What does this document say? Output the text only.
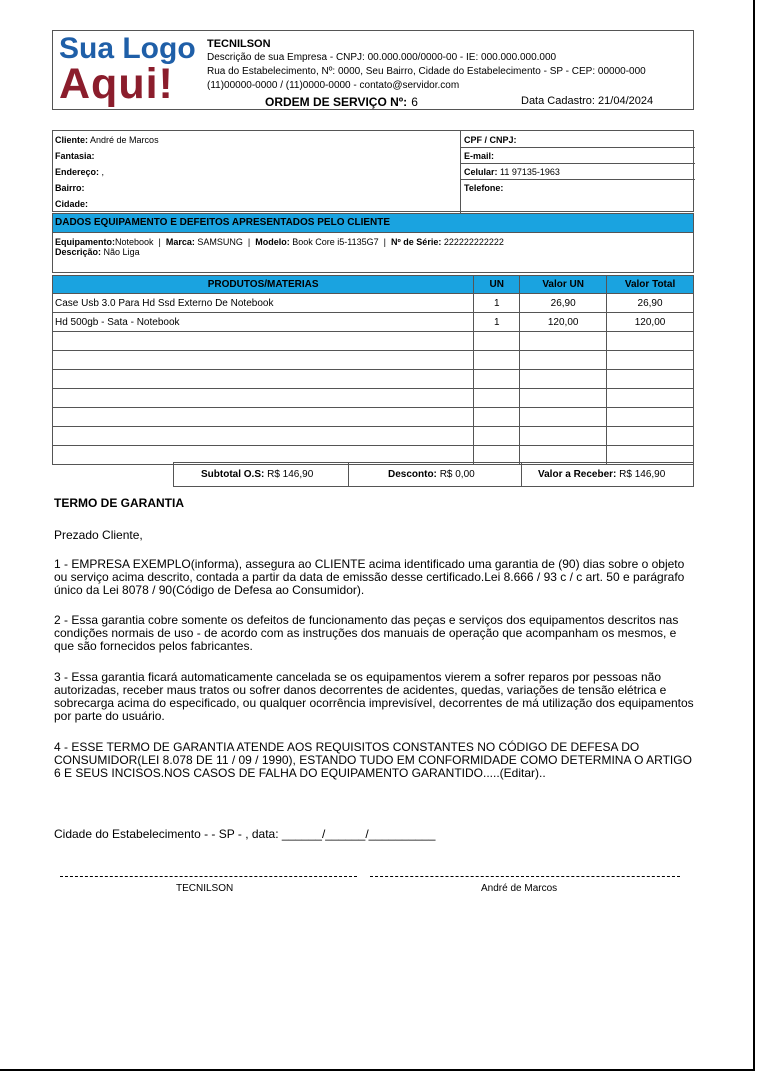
Sua Logo
Aqui!
TECNILSON
Descrição de sua Empresa - CNPJ: 00.000.000/0000-00 - IE: 000.000.000.000
Rua do Estabelecimento, Nº: 0000, Seu Bairro, Cidade do Estabelecimento - SP - CEP: 00000-000
(11)00000-0000 / (11)0000-0000 - contato@servidor.com
ORDEM DE SERVIÇO Nº: 6	Data Cadastro: 21/04/2024
Cliente: André de Marcos
Fantasia:
Endereço: ,
Bairro:
Cidade:
CPF / CNPJ:
E-mail:
Celular: 11 97135-1963
Telefone:
DADOS EQUIPAMENTO E DEFEITOS APRESENTADOS PELO CLIENTE
Equipamento:Notebook  |  Marca: SAMSUNG  |  Modelo: Book Core i5-1135G7  |  Nº de Série: 222222222222
Descrição: Não Liga
PRODUTOS/MATERIAS	UN	Valor UN	Valor Total
Case Usb 3.0 Para Hd Ssd Externo De Notebook	1	26,90	26,90
Hd 500gb - Sata - Notebook	1	120,00	120,00

Subtotal O.S: R$ 146,90	Desconto: R$ 0,00	Valor a Receber: R$ 146,90
TERMO DE GARANTIA
Prezado Cliente,
1 - EMPRESA EXEMPLO(informa), assegura ao CLIENTE acima identificado uma garantia de (90) dias sobre o objeto ou serviço acima descrito, contada a partir da data de emissão desse certificado.Lei 8.666 / 93 c / c art. 50 e parágrafo único da Lei 8078 / 90(Código de Defesa ao Consumidor).
2 - Essa garantia cobre somente os defeitos de funcionamento das peças e serviços dos equipamentos descritos nas condições normais de uso - de acordo com as instruções dos manuais de operação que acompanham os mesmos, e que são fornecidos pelos fabricantes.
3 - Essa garantia ficará automaticamente cancelada se os equipamentos vierem a sofrer reparos por pessoas não autorizadas, receber maus tratos ou sofrer danos decorrentes de acidentes, quedas, variações de tensão elétrica e sobrecarga acima do especificado, ou qualquer ocorrência imprevisível, decorrentes de má utilização dos equipamentos por parte do usuário.
4 - ESSE TERMO DE GARANTIA ATENDE AOS REQUISITOS CONSTANTES NO CÓDIGO DE DEFESA DO CONSUMIDOR(LEI 8.078 DE 11 / 09 / 1990), ESTANDO TUDO EM CONFORMIDADE COMO DETERMINA O ARTIGO 6 E SEUS INCISOS.NOS CASOS DE FALHA DO EQUIPAMENTO GARANTIDO.....(Editar)..
Cidade do Estabelecimento - - SP - , data: ______/______/__________
TECNILSON	André de Marcos
